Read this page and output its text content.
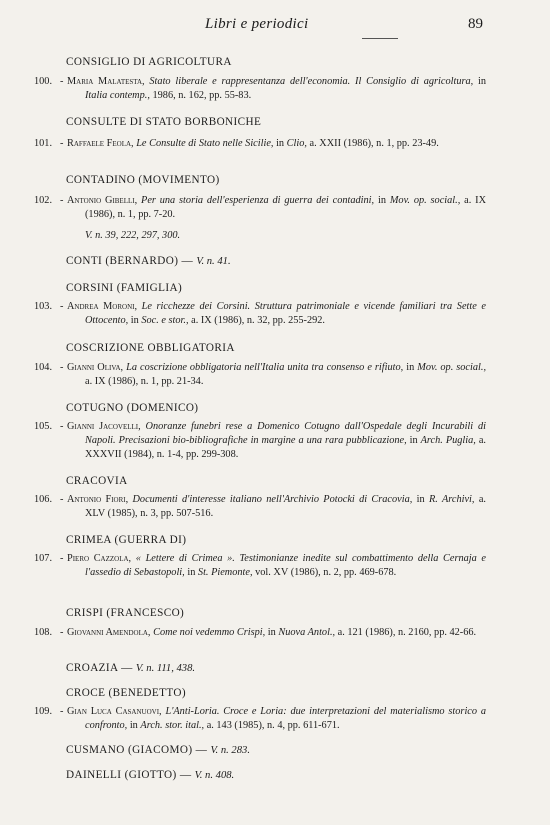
Libri e periodici	89
CONSIGLIO DI AGRICOLTURA
100. - Maria Malatesta, Stato liberale e rappresentanza dell'economia. Il Consiglio di agricoltura, in Italia contemp., 1986, n. 162, pp. 55-83.
CONSULTE DI STATO BORBONICHE
101. - Raffaele Feola, Le Consulte di Stato nelle Sicilie, in Clio, a. XXII (1986), n. 1, pp. 23-49.
CONTADINO (MOVIMENTO)
102. - Antonio Gibelli, Per una storia dell'esperienza di guerra dei contadini, in Mov. op. social., a. IX (1986), n. 1, pp. 7-20.
V. n. 39, 222, 297, 300.
CONTI (BERNARDO) — V. n. 41.
CORSINI (FAMIGLIA)
103. - Andrea Moroni, Le ricchezze dei Corsini. Struttura patrimoniale e vicende familiari tra Sette e Ottocento, in Soc. e stor., a. IX (1986), n. 32, pp. 255-292.
COSCRIZIONE OBBLIGATORIA
104. - Gianni Oliva, La coscrizione obbligatoria nell'Italia unita tra consenso e rifiuto, in Mov. op. social., a. IX (1986), n. 1, pp. 21-34.
COTUGNO (DOMENICO)
105. - Gianni Jacovelli, Onoranze funebri rese a Domenico Cotugno dall'Ospedale degli Incurabili di Napoli. Precisazioni bio-bibliografiche in margine a una rara pubblicazione, in Arch. Puglia, a. XXXVII (1984), n. 1-4, pp. 299-308.
CRACOVIA
106. - Antonio Fiori, Documenti d'interesse italiano nell'Archivio Potocki di Cracovia, in R. Archivi, a. XLV (1985), n. 3, pp. 507-516.
CRIMEA (GUERRA DI)
107. - Piero Cazzola, « Lettere di Crimea ». Testimonianze inedite sul combattimento della Cernaja e l'assedio di Sebastopoli, in St. Piemonte, vol. XV (1986), n. 2, pp. 469-678.
CRISPI (FRANCESCO)
108. - Giovanni Amendola, Come noi vedemmo Crispi, in Nuova Antol., a. 121 (1986), n. 2160, pp. 42-66.
CROAZIA — V. n. 111, 438.
CROCE (BENEDETTO)
109. - Gian Luca Casanuovi, L'Anti-Loria. Croce e Loria: due interpretazioni del materialismo storico a confronto, in Arch. stor. ital., a. 143 (1985), n. 4, pp. 611-671.
CUSMANO (GIACOMO) — V. n. 283.
DAINELLI (GIOTTO) — V. n. 408.
